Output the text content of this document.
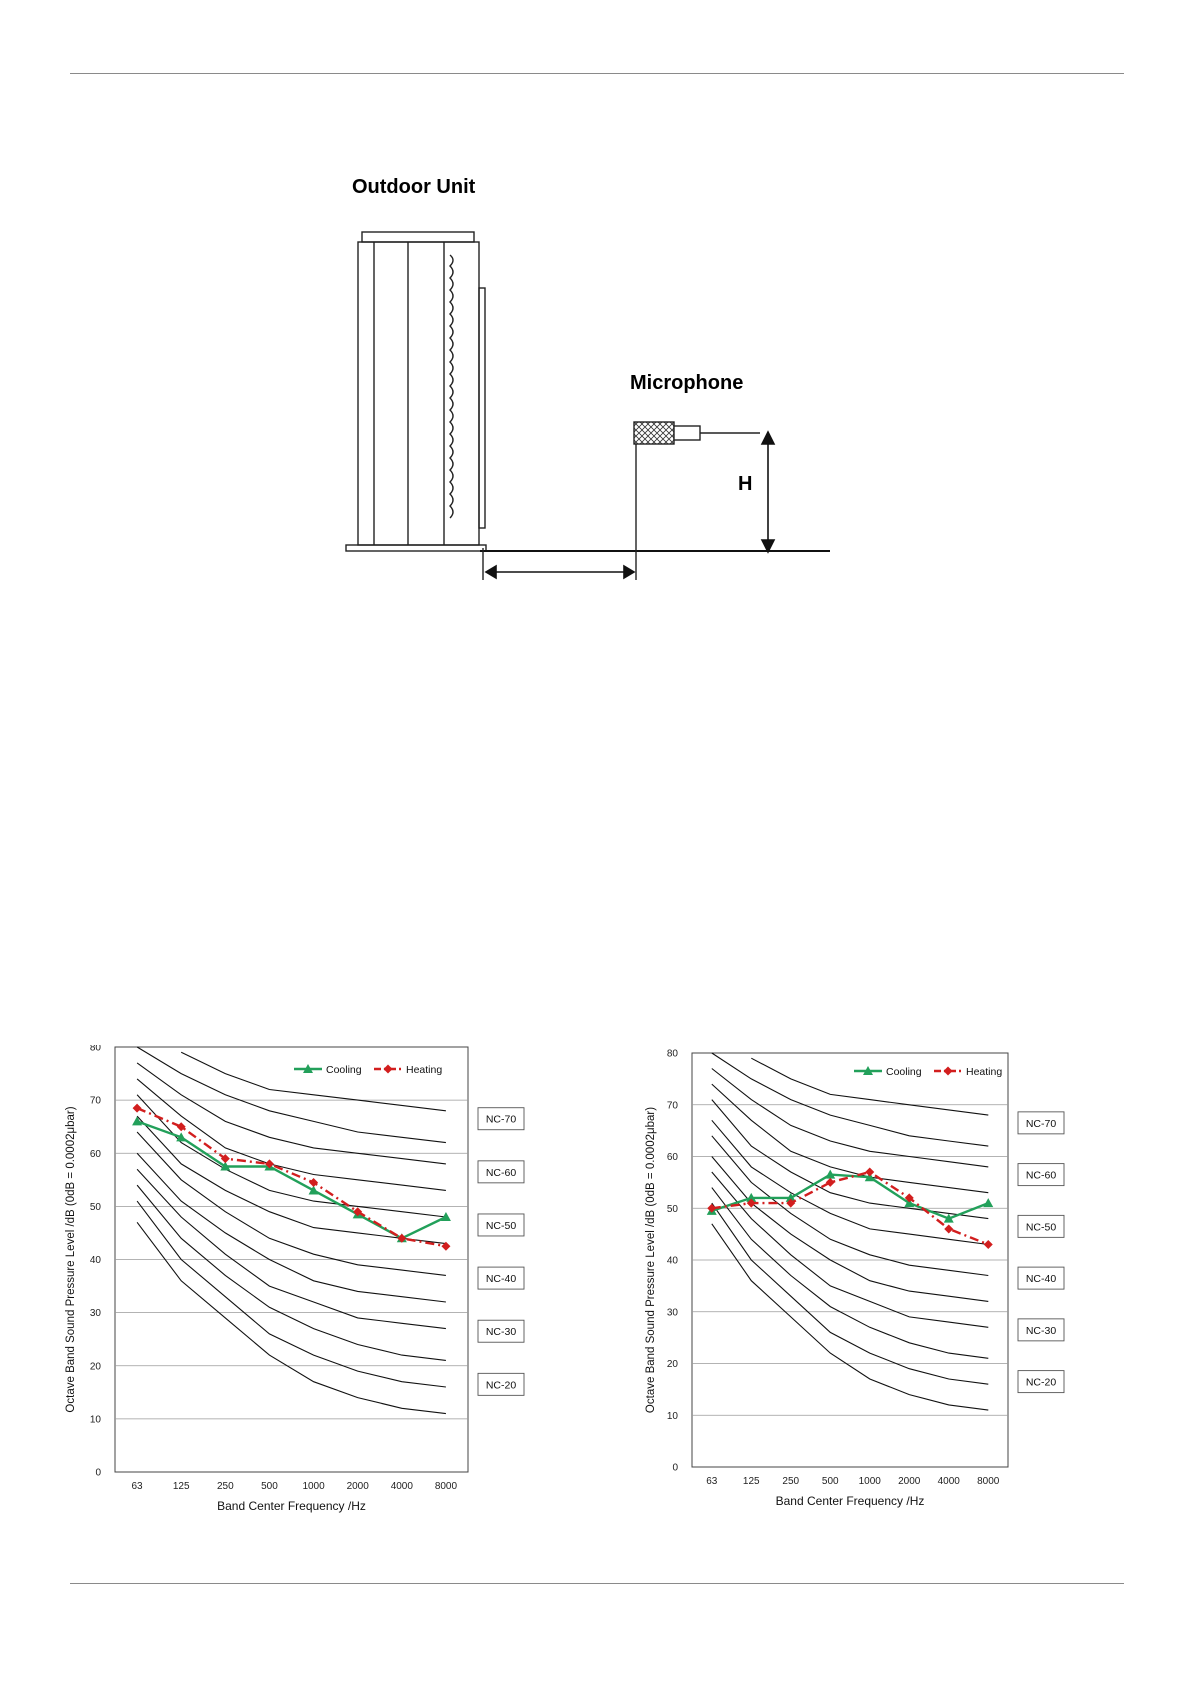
Outdoor Unit
Microphone
H
0
10
20
30
40
50
60
70
80
63	125	250	500 1000 2000 4000 8000
Band Center Frequency /Hz
Octave Band Sound Pressure Level /dB (0dB = 0.0002μbar)	NC-70
NC-60
NC-50
NC-40
NC-30
NC-20
Cooling	Heating
0
10
20
30
40
50
60
70
80
63	125 250 500 1000 2000 4000 8000
Band Center Frequency /Hz
Octave Band Sound Pressure Level /dB (0dB = 0.0002μbar)	NC-70
NC-60
NC-50
NC-40
NC-30
NC-20
Cooling	Heating
